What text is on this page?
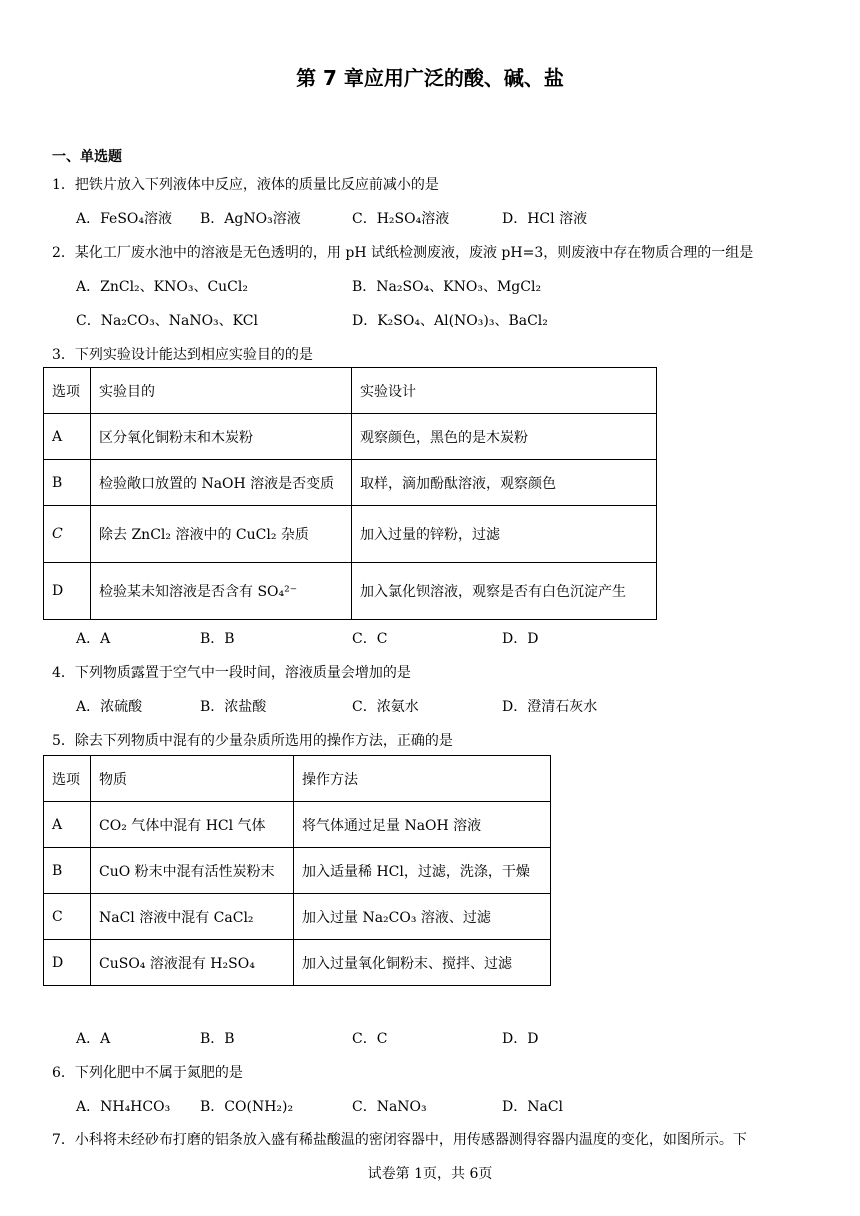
第 7 章应用广泛的酸、碱、盐
一、单选题
1．把铁片放入下列液体中反应，液体的质量比反应前减小的是
A．FeSO₄溶液 B．AgNO₃溶液	C．H₂SO₄溶液	D．HCl 溶液
2．某化工厂废水池中的溶液是无色透明的，用 pH 试纸检测废液，废液 pH=3，则废液中存在物质合理的一组是
A．ZnCl₂、KNO₃、CuCl₂	B．Na₂SO₄、KNO₃、MgCl₂
C．Na₂CO₃、NaNO₃、KCl	D．K₂SO₄、Al(NO₃)₃、BaCl₂
3．下列实验设计能达到相应实验目的的是
选项	实验目的	实验设计
A	区分氧化铜粉末和木炭粉	观察颜色，黑色的是木炭粉
B	检验敞口放置的 NaOH 溶液是否变质	取样，滴加酚酞溶液，观察颜色
C	除去 ZnCl₂ 溶液中的 CuCl₂ 杂质	加入过量的锌粉，过滤
D	检验某未知溶液是否含有 SO₄²⁻	加入氯化钡溶液，观察是否有白色沉淀产生
A．A	B．B	C．C	D．D
4．下列物质露置于空气中一段时间，溶液质量会增加的是
A．浓硫酸	B．浓盐酸	C．浓氨水	D．澄清石灰水
5．除去下列物质中混有的少量杂质所选用的操作方法，正确的是
选项	物质	操作方法
A	CO₂ 气体中混有 HCl 气体	将气体通过足量 NaOH 溶液
B	CuO 粉末中混有活性炭粉末	加入适量稀 HCl，过滤，洗涤，干燥
C	NaCl 溶液中混有 CaCl₂	加入过量 Na₂CO₃ 溶液、过滤
D	CuSO₄ 溶液混有 H₂SO₄	加入过量氧化铜粉末、搅拌、过滤
A．A	B．B	C．C	D．D
6．下列化肥中不属于氮肥的是
A．NH₄HCO₃ B．CO(NH₂)₂	C．NaNO₃	D．NaCl
7．小科将未经砂布打磨的铝条放入盛有稀盐酸温的密闭容器中，用传感器测得容器内温度的变化，如图所示。下
试卷第 1页，共 6页
